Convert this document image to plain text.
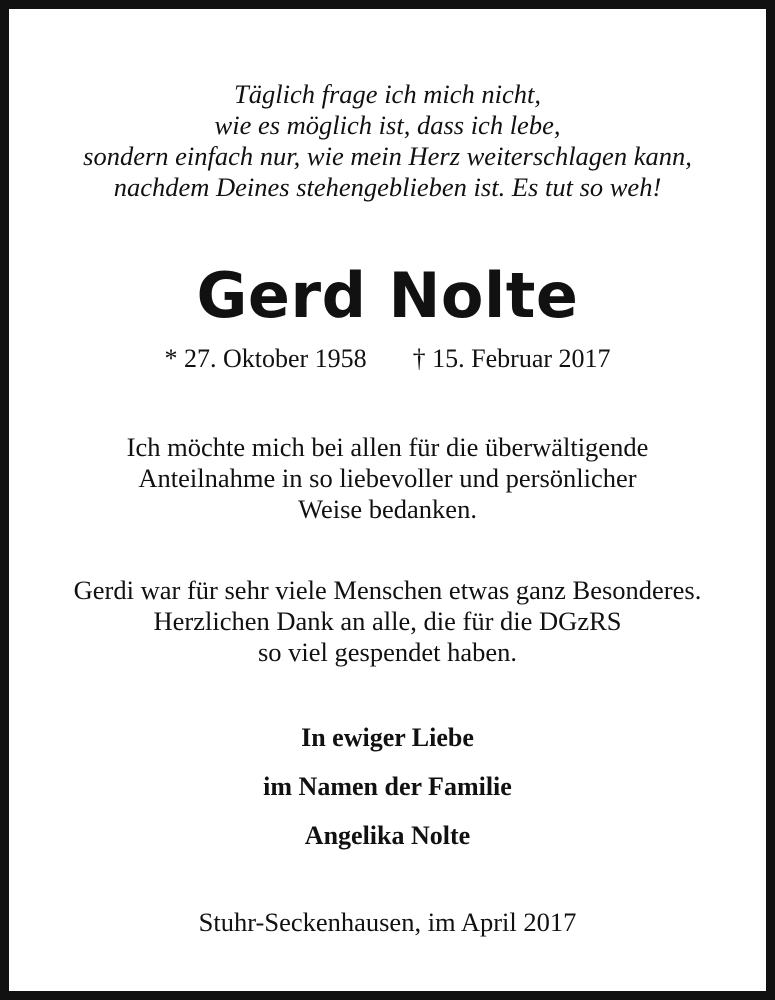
Täglich frage ich mich nicht,
wie es möglich ist, dass ich lebe,
sondern einfach nur, wie mein Herz weiterschlagen kann,
nachdem Deines stehengeblieben ist. Es tut so weh!
Gerd Nolte
* 27. Oktober 1958 † 15. Februar 2017
Ich möchte mich bei allen für die überwältigende
Anteilnahme in so liebevoller und persönlicher
Weise bedanken.
Gerdi war für sehr viele Menschen etwas ganz Besonderes.
Herzlichen Dank an alle, die für die DGzRS
so viel gespendet haben.
In ewiger Liebe
im Namen der Familie
Angelika Nolte
Stuhr-Seckenhausen, im April 2017
